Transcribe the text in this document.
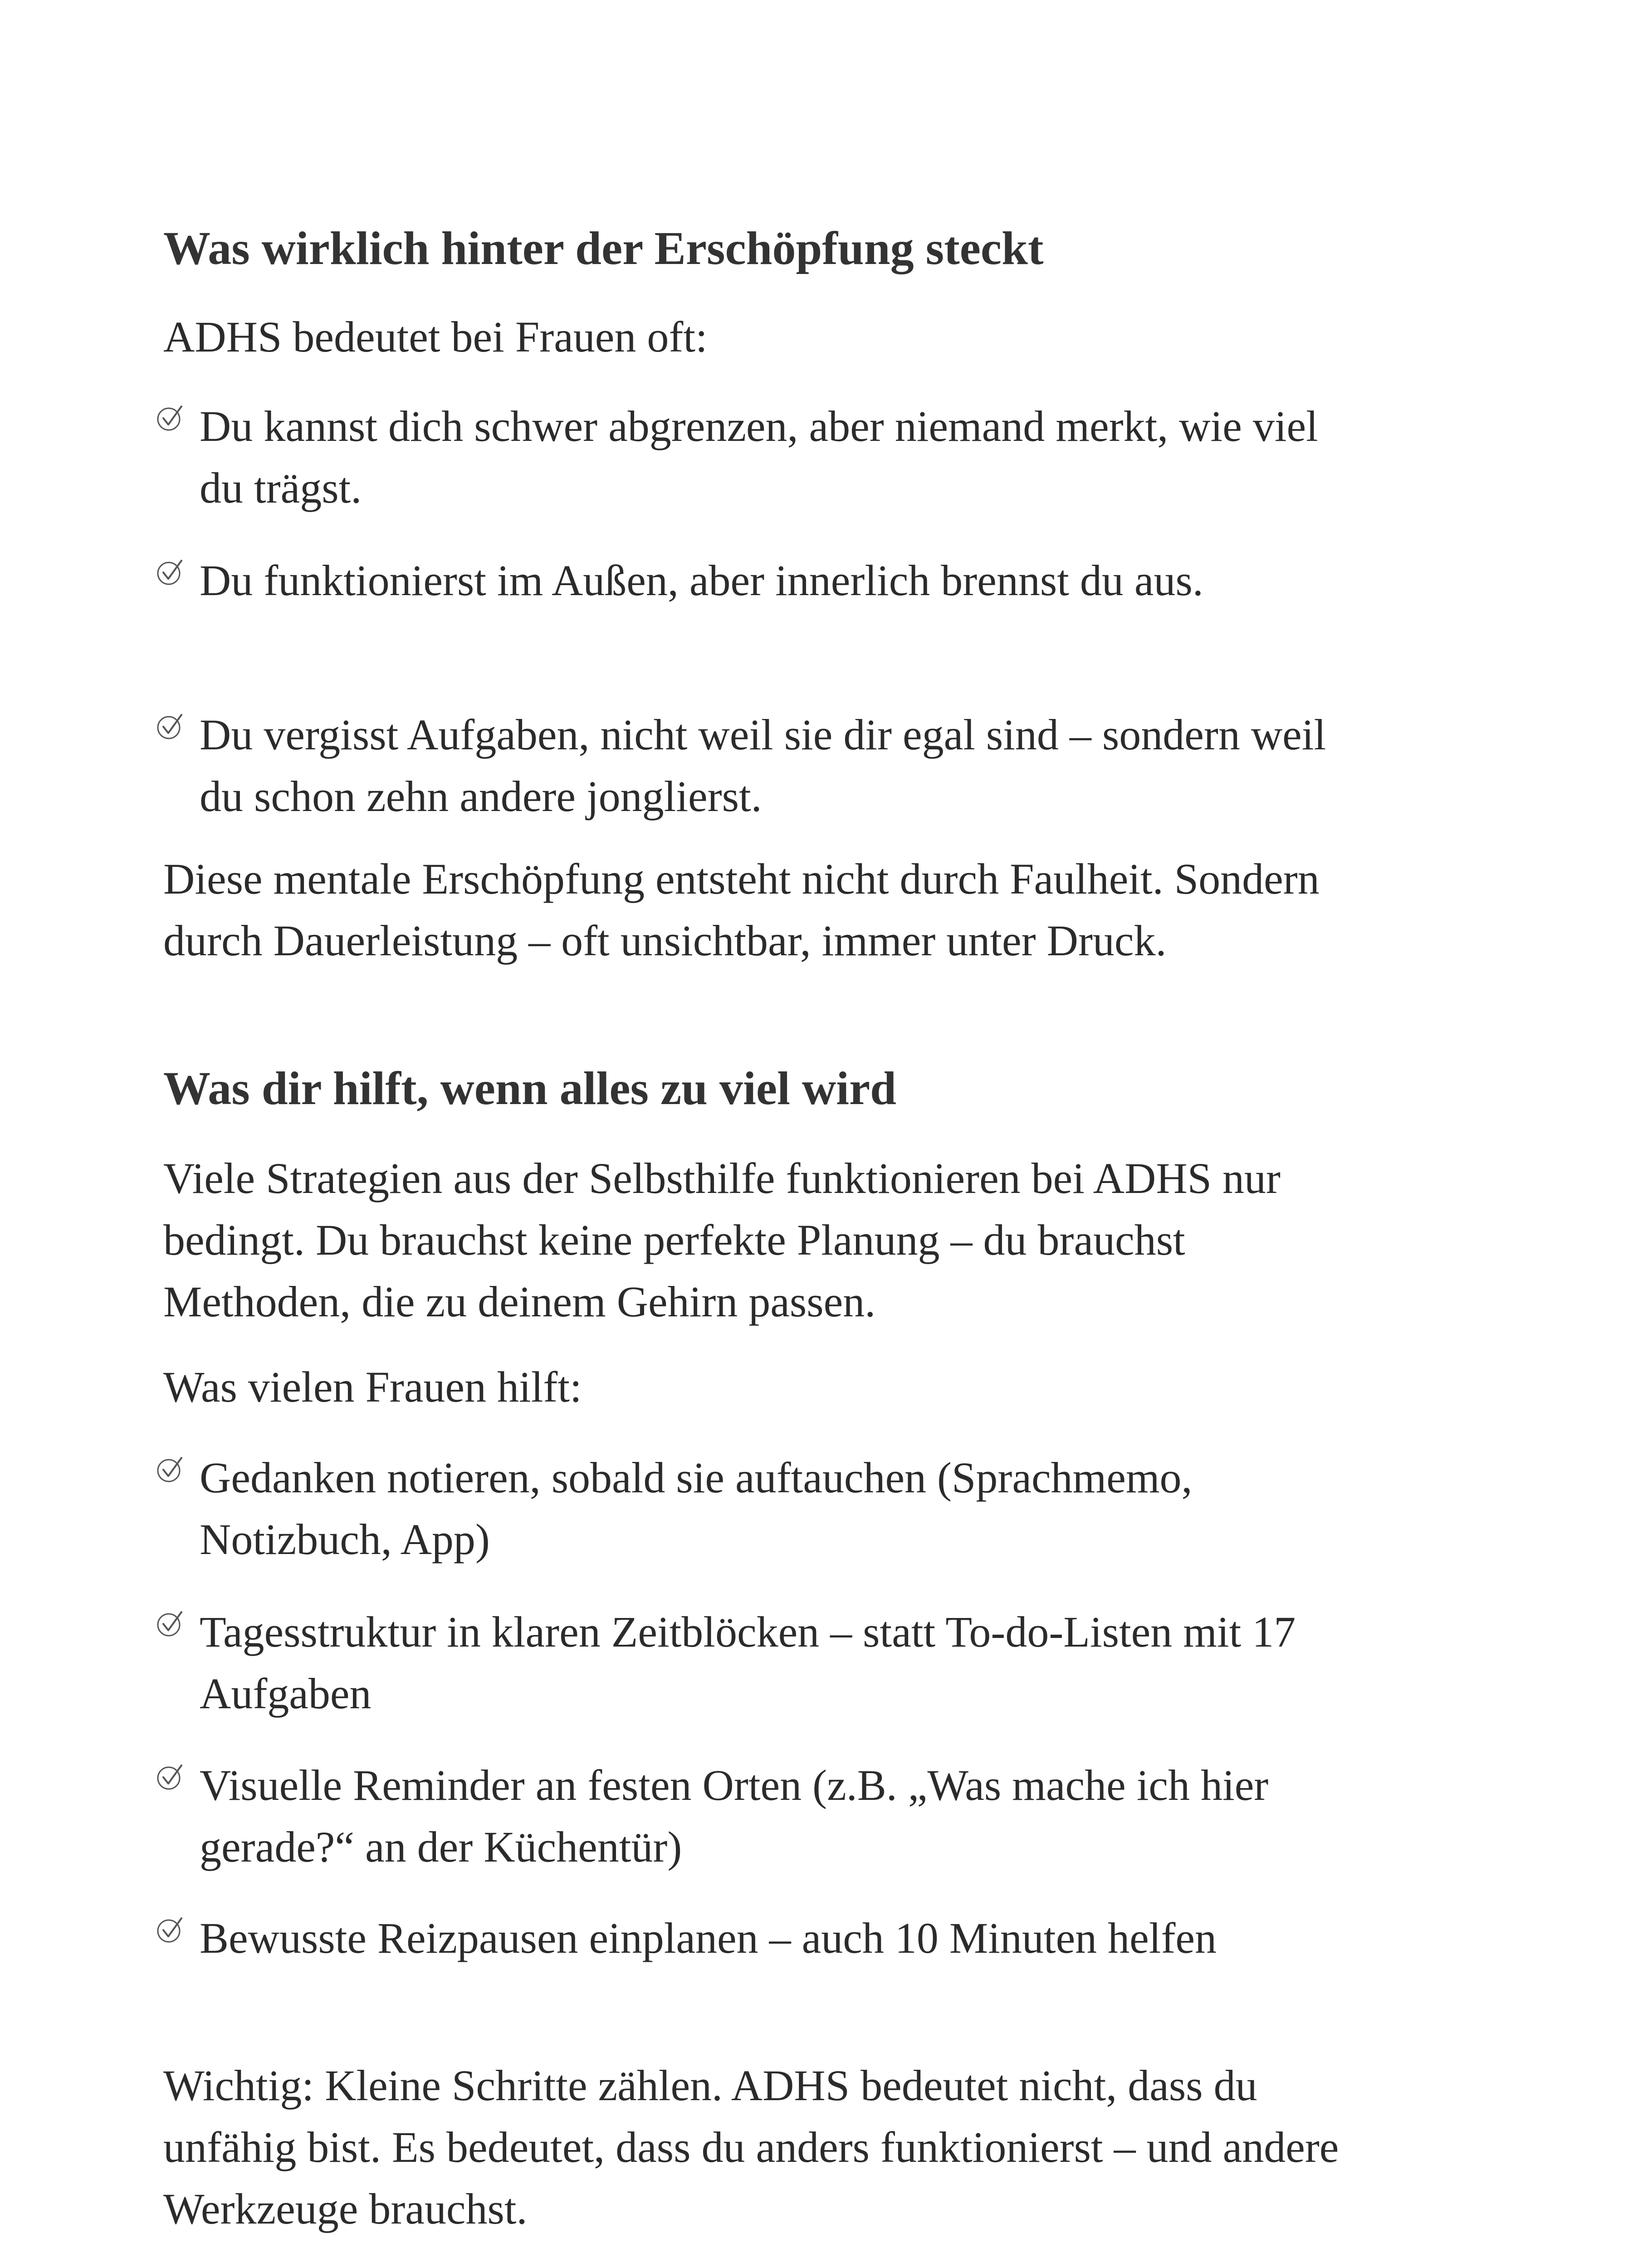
Was wirklich hinter der Erschöpfung steckt

ADHS bedeutet bei Frauen oft:

Du kannst dich schwer abgrenzen, aber niemand merkt, wie viel du trägst.

Du funktionierst im Außen, aber innerlich brennst du aus.

Du vergisst Aufgaben, nicht weil sie dir egal sind – sondern weil du schon zehn andere jonglierst.

Diese mentale Erschöpfung entsteht nicht durch Faulheit. Sondern durch Dauerleistung – oft unsichtbar, immer unter Druck.

Was dir hilft, wenn alles zu viel wird

Viele Strategien aus der Selbsthilfe funktionieren bei ADHS nur bedingt. Du brauchst keine perfekte Planung – du brauchst Methoden, die zu deinem Gehirn passen.

Was vielen Frauen hilft:

Gedanken notieren, sobald sie auftauchen (Sprachmemo, Notizbuch, App)

Tagesstruktur in klaren Zeitblöcken – statt To-do-Listen mit 17 Aufgaben

Visuelle Reminder an festen Orten (z.B. „Was mache ich hier gerade?“ an der Küchentür)

Bewusste Reizpausen einplanen – auch 10 Minuten helfen

Wichtig: Kleine Schritte zählen. ADHS bedeutet nicht, dass du unfähig bist. Es bedeutet, dass du anders funktionierst – und andere Werkzeuge brauchst.
